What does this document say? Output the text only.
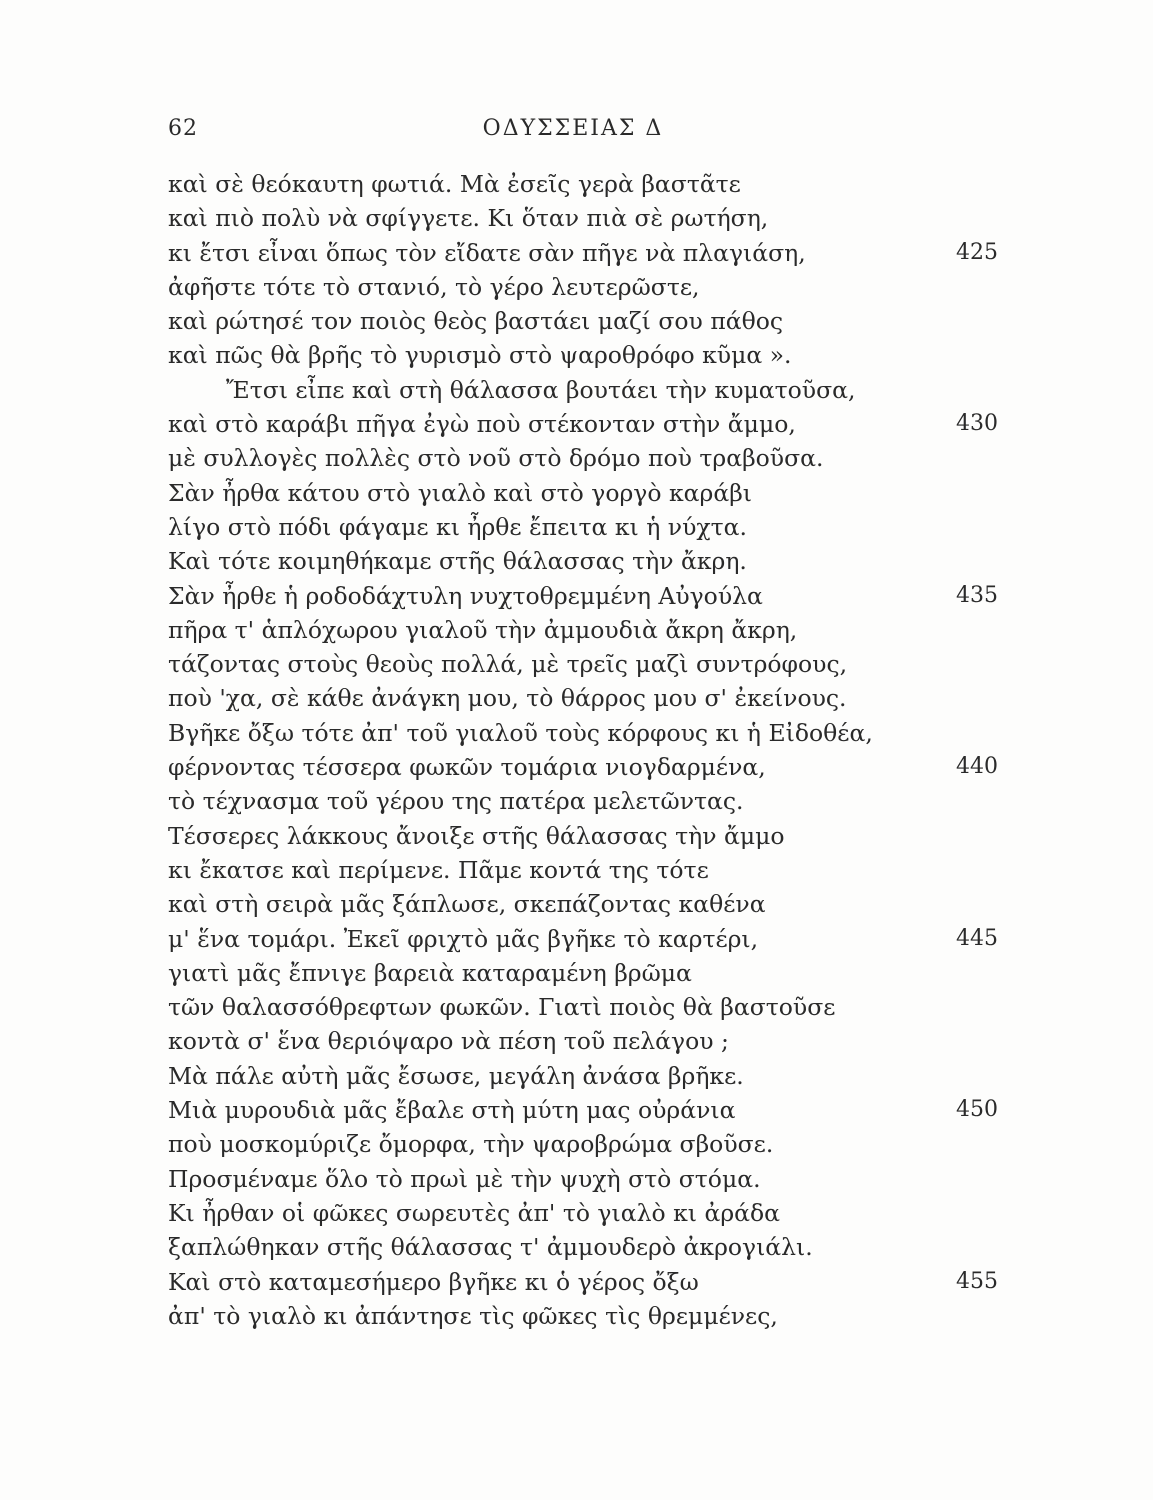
62	ΟΔΥΣΣΕΙΑΣ Δ
καὶ σὲ θεόκαυτη φωτιά. Μὰ ἐσεῖς γερὰ βαστᾶτε
καὶ πιὸ πολὺ νὰ σφίγγετε. Κι ὅταν πιὰ σὲ ρωτήση,
κι ἔτσι εἶναι ὅπως τὸν εἴδατε σὰν πῆγε νὰ πλαγιάση,	425
ἀφῆστε τότε τὸ στανιό, τὸ γέρο λευτερῶστε,
καὶ ρώτησέ τον ποιὸς θεὸς βαστάει μαζί σου πάθος
καὶ πῶς θὰ βρῆς τὸ γυρισμὸ στὸ ψαροθρόφο κῦμα ».
Ἔτσι εἶπε καὶ στὴ θάλασσα βουτάει τὴν κυματοῦσα,
καὶ στὸ καράβι πῆγα ἐγὼ ποὺ στέκονταν στὴν ἄμμο,	430
μὲ συλλογὲς πολλὲς στὸ νοῦ στὸ δρόμο ποὺ τραβοῦσα.
Σὰν ἦρθα κάτου στὸ γιαλὸ καὶ στὸ γοργὸ καράβι
λίγο στὸ πόδι φάγαμε κι ἦρθε ἔπειτα κι ἡ νύχτα.
Καὶ τότε κοιμηθήκαμε στῆς θάλασσας τὴν ἄκρη.
Σὰν ἦρθε ἡ ροδοδάχτυλη νυχτοθρεμμένη Αὐγούλα	435
πῆρα τ' ἁπλόχωρου γιαλοῦ τὴν ἀμμουδιὰ ἄκρη ἄκρη,
τάζοντας στοὺς θεοὺς πολλά, μὲ τρεῖς μαζὶ συντρόφους,
ποὺ 'χα, σὲ κάθε ἀνάγκη μου, τὸ θάρρος μου σ' ἐκείνους.
Βγῆκε ὄξω τότε ἀπ' τοῦ γιαλοῦ τοὺς κόρφους κι ἡ Εἰδοθέα,
φέρνοντας τέσσερα φωκῶν τομάρια νιογδαρμένα,	440
τὸ τέχνασμα τοῦ γέρου της πατέρα μελετῶντας.
Τέσσερες λάκκους ἄνοιξε στῆς θάλασσας τὴν ἄμμο
κι ἔκατσε καὶ περίμενε. Πᾶμε κοντά της τότε
καὶ στὴ σειρὰ μᾶς ξάπλωσε, σκεπάζοντας καθένα
μ' ἕνα τομάρι. Ἐκεῖ φριχτὸ μᾶς βγῆκε τὸ καρτέρι,	445
γιατὶ μᾶς ἔπνιγε βαρειὰ καταραμένη βρῶμα
τῶν θαλασσόθρεφτων φωκῶν. Γιατὶ ποιὸς θὰ βαστοῦσε
κοντὰ σ' ἕνα θεριόψαρο νὰ πέση τοῦ πελάγου ;
Μὰ πάλε αὐτὴ μᾶς ἔσωσε, μεγάλη ἀνάσα βρῆκε.
Μιὰ μυρουδιὰ μᾶς ἔβαλε στὴ μύτη μας οὐράνια	450
ποὺ μοσκομύριζε ὄμορφα, τὴν ψαροβρώμα σβοῦσε.
Προσμέναμε ὅλο τὸ πρωὶ μὲ τὴν ψυχὴ στὸ στόμα.
Κι ἦρθαν οἱ φῶκες σωρευτὲς ἀπ' τὸ γιαλὸ κι ἀράδα
ξαπλώθηκαν στῆς θάλασσας τ' ἀμμουδερὸ ἀκρογιάλι.
Καὶ στὸ καταμεσήμερο βγῆκε κι ὁ γέρος ὄξω	455
ἀπ' τὸ γιαλὸ κι ἀπάντησε τὶς φῶκες τὶς θρεμμένες,
